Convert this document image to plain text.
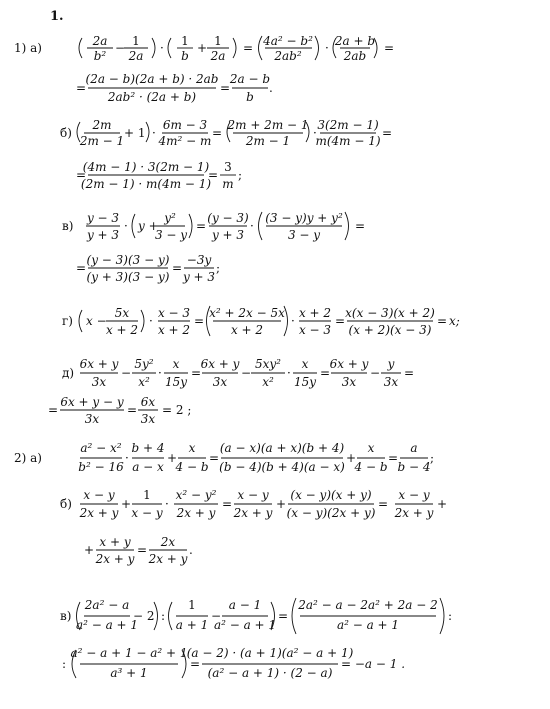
1.
1) а)	2a
b²
− 1
2a
· 1
b
+ 1
2a
= 4a² − b²
2ab²
· 2a + b
2ab
=
=
(2a − b)(2a + b) · 2ab
2ab² · (2a + b)
=
2a − b
b
.
б)
2m
2m − 1
+ 1 ·
6m − 3
4m² − m
=
2m + 2m − 1
2m − 1
·
3(2m − 1)
m(4m − 1)
=
=
(4m − 1) · 3(2m − 1)
(2m − 1) · m(4m − 1)
=
3
m
;
в)
y − 3
y + 3
· y +
y²
3 − y
=
(y − 3)
y + 3
·
(3 − y)y + y²
3 − y
=
=
(y − 3)(3 − y)
(y + 3)(3 − y)
=
−3y
y + 3
;
г) x −
5x
x + 2
·
x − 3
x + 2
=
x² + 2x − 5x
x + 2
·
x + 2
x − 3
=
x(x − 3)(x + 2)
(x + 2)(x − 3)
= x;
д)
6x + y
3x
−
5y²
x²
·
x
15y
=
6x + y
3x
−
5xy²
x²
·
x
15y
=
6x + y
3x
−
y
3x
=
=
6x + y − y
3x
=
6x
3x
= 2 ;
2) а)
a² − x²
b² − 16
·
b + 4
a − x
+
x
4 − b
=
(a − x)(a + x)(b + 4)
(b − 4)(b + 4)(a − x)
+
x
4 − b
=
a
b − 4
;
б)
x − y
2x + y
+
1
x − y
·
x² − y²
2x + y
=
x − y
2x + y
+
(x − y)(x + y)
(x − y)(2x + y)
=
x − y
2x + y
+
+
x + y
2x + y
=
2x
2x + y
.
в)
2a² − a
a² − a + 1
− 2 :
1
a + 1
−
a − 1
a² − a + 1
=
2a² − a − 2a² + 2a − 2
a² − a + 1
:
:
a² − a + 1 − a² + 1
a³ + 1
=
(a − 2) · (a + 1)(a² − a + 1)
(a² − a + 1) · (2 − a)
= −a − 1 .
